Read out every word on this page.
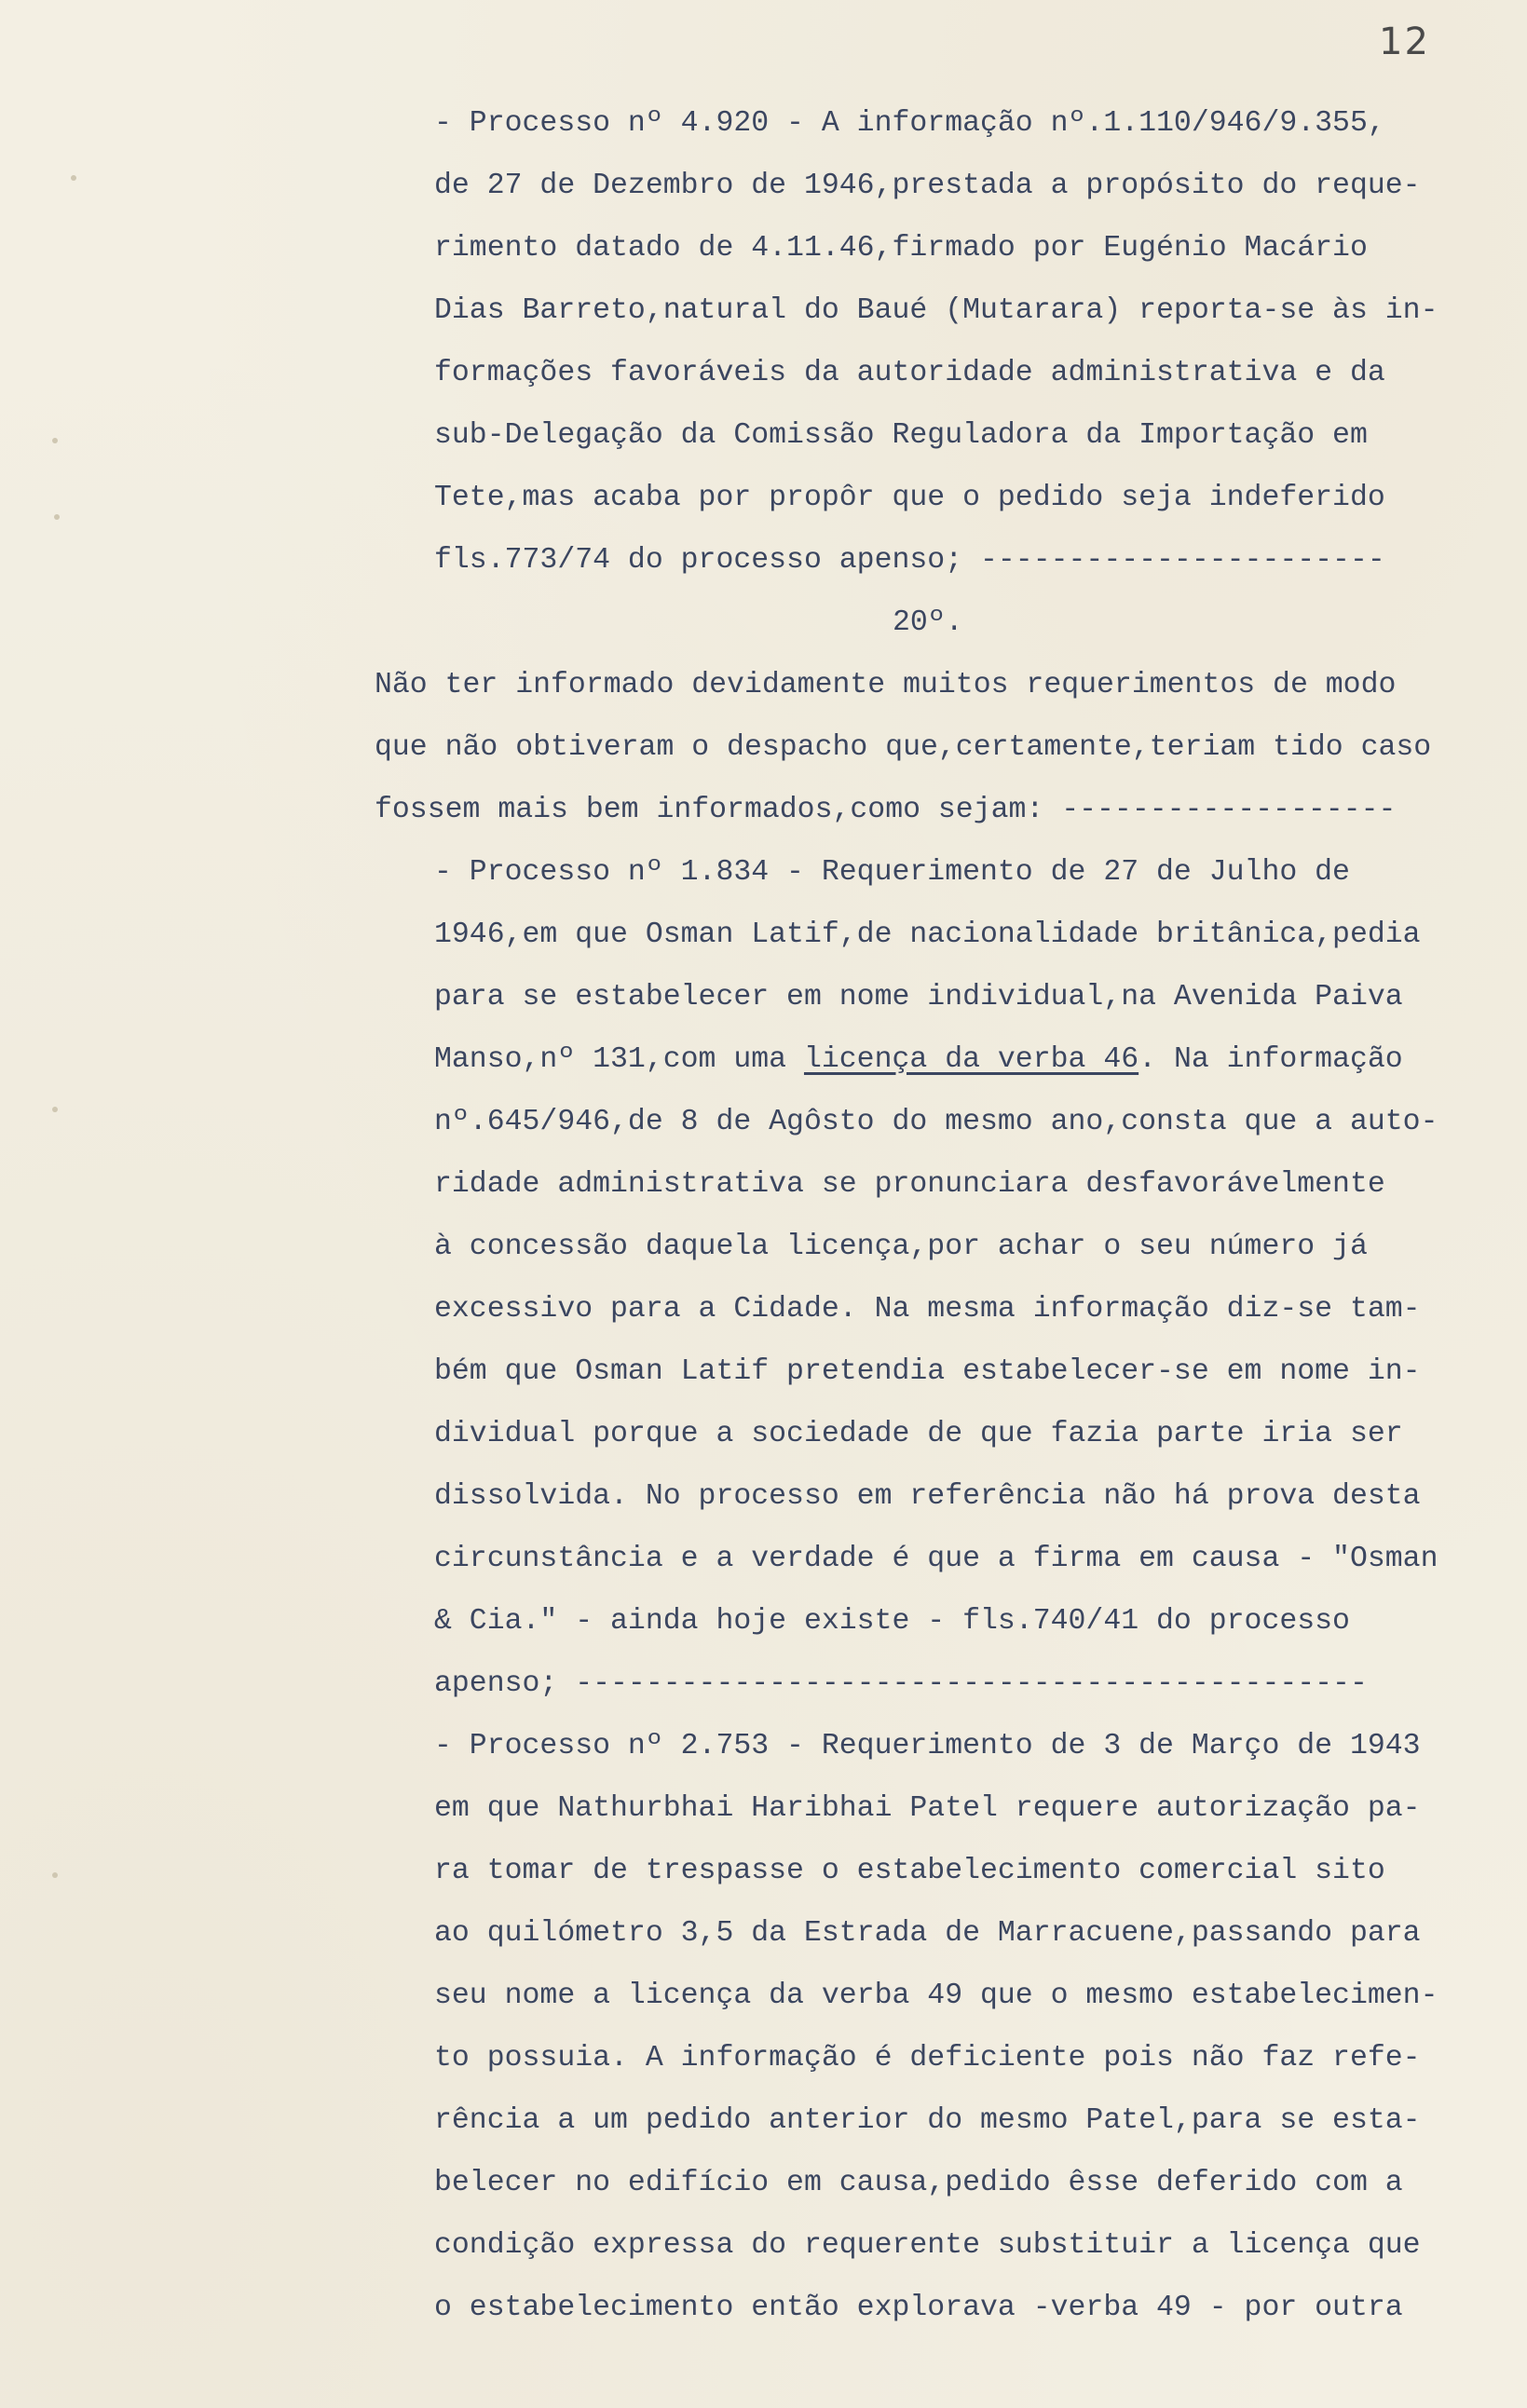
12
- Processo nº 4.920 - A informação nº.1.110/946/9.355,
de 27 de Dezembro de 1946,prestada a propósito do reque-
rimento datado de 4.11.46,firmado por Eugénio Macário
Dias Barreto,natural do Baué (Mutarara) reporta-se às in-
formações favoráveis da autoridade administrativa e da
sub-Delegação da Comissão Reguladora da Importação em
Tete,mas acaba por propôr que o pedido seja indeferido
fls.773/74 do processo apenso; -----------------------
20º.
Não ter informado devidamente muitos requerimentos de modo
que não obtiveram o despacho que,certamente,teriam tido caso
fossem mais bem informados,como sejam: -------------------
- Processo nº 1.834 - Requerimento de 27 de Julho de
1946,em que Osman Latif,de nacionalidade britânica,pedia
para se estabelecer em nome individual,na Avenida Paiva
Manso,nº 131,com uma licença da verba 46. Na informação
nº.645/946,de 8 de Agôsto do mesmo ano,consta que a auto-
ridade administrativa se pronunciara desfavorávelmente
à concessão daquela licença,por achar o seu número já
excessivo para a Cidade. Na mesma informação diz-se tam-
bém que Osman Latif pretendia estabelecer-se em nome in-
dividual porque a sociedade de que fazia parte iria ser
dissolvida. No processo em referência não há prova desta
circunstância e a verdade é que a firma em causa - "Osman
& Cia." - ainda hoje existe - fls.740/41 do processo
apenso; ---------------------------------------------
- Processo nº 2.753 - Requerimento de 3 de Março de 1943
em que Nathurbhai Haribhai Patel requere autorização pa-
ra tomar de trespasse o estabelecimento comercial sito
ao quilómetro 3,5 da Estrada de Marracuene,passando para
seu nome a licença da verba 49 que o mesmo estabelecimen-
to possuia. A informação é deficiente pois não faz refe-
rência a um pedido anterior do mesmo Patel,para se esta-
belecer no edifício em causa,pedido êsse deferido com a
condição expressa do requerente substituir a licença que
o estabelecimento então explorava -verba 49 - por outra
